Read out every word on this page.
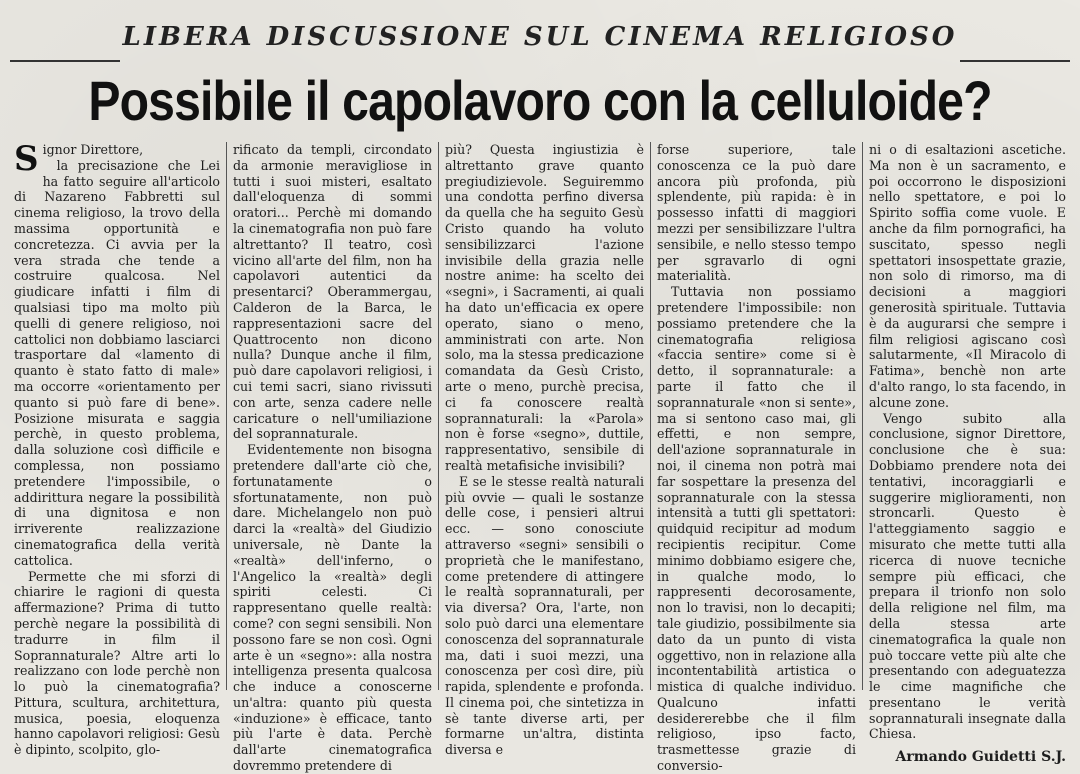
LIBERA DISCUSSIONE SUL CINEMA RELIGIOSO
Possibile il capolavoro con la celluloide?

S ignor Direttore,

la precisazione che Lei ha fatto seguire all'articolo di Nazareno Fabbretti sul cinema religioso, la trovo della massima opportunità e concretezza. Ci avvia per la vera strada che tende a costruire qualcosa. Nel giudicare infatti i film di qualsiasi tipo ma molto più quelli di genere religioso, noi cattolici non dobbiamo lasciarci trasportare dal «lamento di quanto è stato fatto di male» ma occorre «orientamento per quanto si può fare di bene». Posizione misurata e saggia perchè, in questo problema, dalla soluzione così difficile e complessa, non possiamo pretendere l'impossibile, o addirittura negare la possibilità di una dignitosa e non irriverente realizzazione cinematografica della verità cattolica.

Permette che mi sforzi di chiarire le ragioni di questa affermazione? Prima di tutto perchè negare la possibilità di tradurre in film il Soprannaturale? Altre arti lo realizzano con lode perchè non lo può la cinematografia? Pittura, scultura, architettura, musica, poesia, eloquenza hanno capolavori religiosi: Gesù è dipinto, scolpito, glo-

rificato da templi, circondato da armonie meravigliose in tutti i suoi misteri, esaltato dall'eloquenza di sommi oratori... Perchè mi domando la cinematografia non può fare altrettanto? Il teatro, così vicino all'arte del film, non ha capolavori autentici da presentarci? Oberammergau, Calderon de la Barca, le rappresentazioni sacre del Quattrocento non dicono nulla? Dunque anche il film, può dare capolavori religiosi, i cui temi sacri, siano rivissuti con arte, senza cadere nelle caricature o nell'umiliazione del soprannaturale.

Evidentemente non bisogna pretendere dall'arte ciò che, fortunatamente o sfortunatamente, non può dare. Michelangelo non può darci la «realtà» del Giudizio universale, nè Dante la «realtà» dell'inferno, o l'Angelico la «realtà» degli spiriti celesti. Ci rappresentano quelle realtà: come? con segni sensibili. Non possono fare se non così. Ogni arte è un «segno»: alla nostra intelligenza presenta qualcosa che induce a conoscerne un'altra: quanto più questa «induzione» è efficace, tanto più l'arte è data. Perchè dall'arte cinematografica dovremmo pretendere di

più? Questa ingiustizia è altrettanto grave quanto pregiudizievole. Seguiremmo una condotta perfino diversa da quella che ha seguito Gesù Cristo quando ha voluto sensibilizzarci l'azione invisibile della grazia nelle nostre anime: ha scelto dei «segni», i Sacramenti, ai quali ha dato un'efficacia ex opere operato, siano o meno, amministrati con arte. Non solo, ma la stessa predicazione comandata da Gesù Cristo, arte o meno, purchè precisa, ci fa conoscere realtà soprannaturali: la «Parola» non è forse «segno», duttile, rappresentativo, sensibile di realtà metafisiche invisibili?

E se le stesse realtà naturali più ovvie — quali le sostanze delle cose, i pensieri altrui ecc. — sono conosciute attraverso «segni» sensibili o proprietà che le manifestano, come pretendere di attingere le realtà soprannaturali, per via diversa? Ora, l'arte, non solo può darci una elementare conoscenza del soprannaturale ma, dati i suoi mezzi, una conoscenza per così dire, più rapida, splendente e profonda. Il cinema poi, che sintetizza in sè tante diverse arti, per formarne un'altra, distinta diversa e

forse superiore, tale conoscenza ce la può dare ancora più profonda, più splendente, più rapida: è in possesso infatti di maggiori mezzi per sensibilizzare l'ultra sensibile, e nello stesso tempo per sgravarlo di ogni materialità.

Tuttavia non possiamo pretendere l'impossibile: non possiamo pretendere che la cinematografia religiosa «faccia sentire» come si è detto, il soprannaturale: a parte il fatto che il soprannaturale «non si sente», ma si sentono caso mai, gli effetti, e non sempre, dell'azione soprannaturale in noi, il cinema non potrà mai far sospettare la presenza del soprannaturale con la stessa intensità a tutti gli spettatori: quidquid recipitur ad modum recipientis recipitur. Come minimo dobbiamo esigere che, in qualche modo, lo rappresenti decorosamente, non lo travisi, non lo decapiti; tale giudizio, possibilmente sia dato da un punto di vista oggettivo, non in relazione alla incontentabilità artistica o mistica di qualche individuo. Qualcuno infatti desidererebbe che il film religioso, ipso facto, trasmettesse grazie di conversio-

ni o di esaltazioni ascetiche. Ma non è un sacramento, e poi occorrono le disposizioni nello spettatore, e poi lo Spirito soffia come vuole. E anche da film pornografici, ha suscitato, spesso negli spettatori insospettate grazie, non solo di rimorso, ma di decisioni a maggiori generosità spirituale. Tuttavia è da augurarsi che sempre i film religiosi agiscano così salutarmente, «Il Miracolo di Fatima», benchè non arte d'alto rango, lo sta facendo, in alcune zone.

Vengo subito alla conclusione, signor Direttore, conclusione che è sua: Dobbiamo prendere nota dei tentativi, incoraggiarli e suggerire miglioramenti, non stroncarli. Questo è l'atteggiamento saggio e misurato che mette tutti alla ricerca di nuove tecniche sempre più efficaci, che prepara il trionfo non solo della religione nel film, ma della stessa arte cinematografica la quale non può toccare vette più alte che presentando con adeguatezza le cime magnifiche che presentano le verità soprannaturali insegnate dalla Chiesa.

Armando Guidetti S.J.
